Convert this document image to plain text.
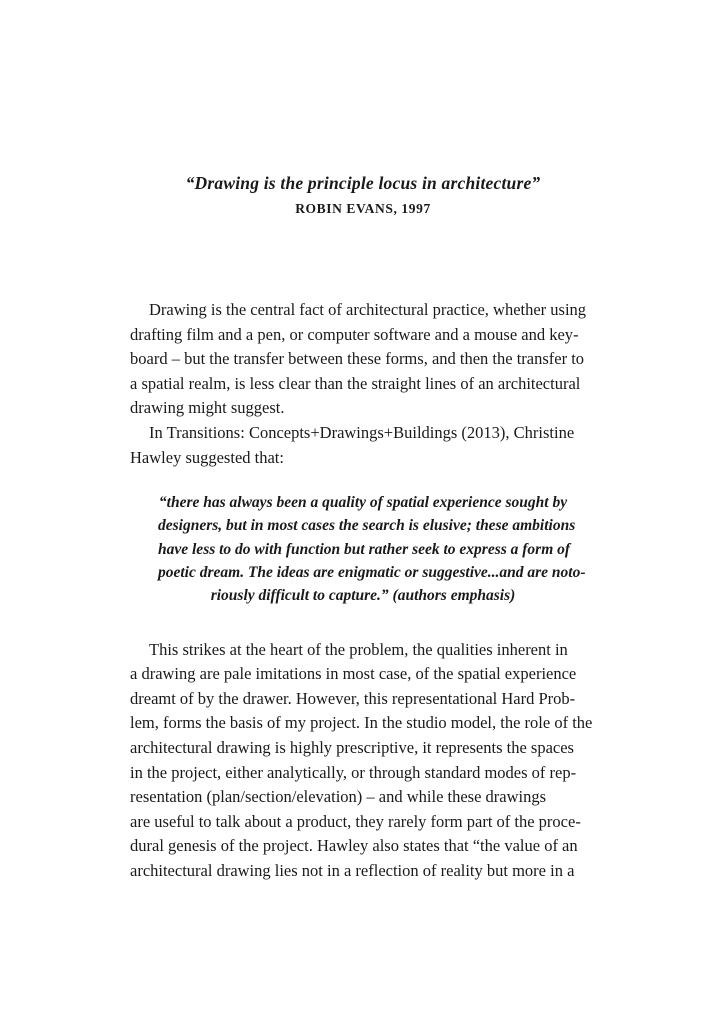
“Drawing is the principle locus in architecture”
ROBIN EVANS, 1997
Drawing is the central fact of architectural practice, whether using
drafting film and a pen, or computer software and a mouse and key-
board – but the transfer between these forms, and then the transfer to
a spatial realm, is less clear than the straight lines of an architectural
drawing might suggest.
In Transitions: Concepts+Drawings+Buildings (2013), Christine
Hawley suggested that:
“there has always been a quality of spatial experience sought by
designers, but in most cases the search is elusive; these ambitions
have less to do with function but rather seek to express a form of
poetic dream. The ideas are enigmatic or suggestive...and are noto-
riously difficult to capture.” (authors emphasis)
This strikes at the heart of the problem, the qualities inherent in
a drawing are pale imitations in most case, of the spatial experience
dreamt of by the drawer. However, this representational Hard Prob-
lem, forms the basis of my project. In the studio model, the role of the
architectural drawing is highly prescriptive, it represents the spaces
in the project, either analytically, or through standard modes of rep-
resentation (plan/section/elevation) – and while these drawings
are useful to talk about a product, they rarely form part of the proce-
dural genesis of the project. Hawley also states that “the value of an
architectural drawing lies not in a reflection of reality but more in a
